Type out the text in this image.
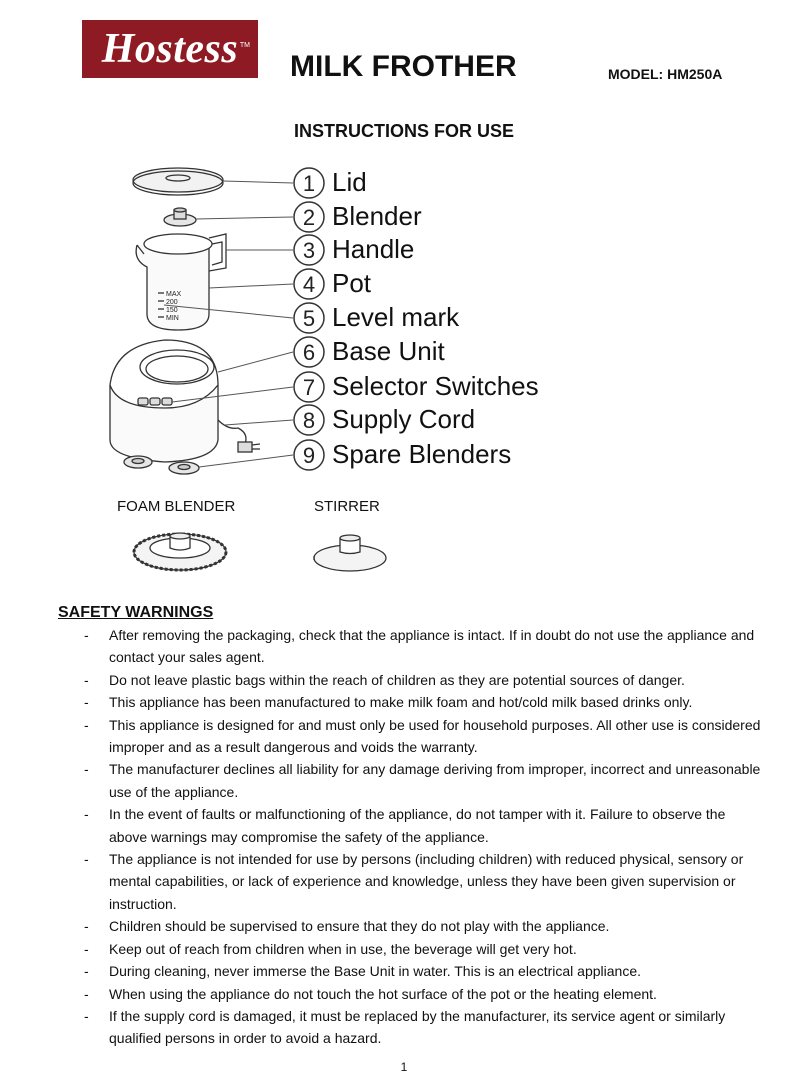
Hostess TM
MILK FROTHER	MODEL: HM250A
INSTRUCTIONS FOR USE
MAX
200
150
MIN
1
2
3
4
5
6
7
8
9
Lid
Blender
Handle
Pot
Level mark
Base Unit
Selector Switches
Supply Cord
Spare Blenders
FOAM BLENDER	STIRRER
SAFETY WARNINGS
- After removing the packaging, check that the appliance is intact. If in doubt do not use the appliance and contact your sales agent.
- Do not leave plastic bags within the reach of children as they are potential sources of danger.
- This appliance has been manufactured to make milk foam and hot/cold milk based drinks only.
- This appliance is designed for and must only be used for household purposes. All other use is considered improper and as a result dangerous and voids the warranty.
- The manufacturer declines all liability for any damage deriving from improper, incorrect and unreasonable use of the appliance.
- In the event of faults or malfunctioning of the appliance, do not tamper with it. Failure to observe the above warnings may compromise the safety of the appliance.
- The appliance is not intended for use by persons (including children) with reduced physical, sensory or mental capabilities, or lack of experience and knowledge, unless they have been given supervision or instruction.
- Children should be supervised to ensure that they do not play with the appliance.
- Keep out of reach from children when in use, the beverage will get very hot.
- During cleaning, never immerse the Base Unit in water. This is an electrical appliance.
- When using the appliance do not touch the hot surface of the pot or the heating element.
- If the supply cord is damaged, it must be replaced by the manufacturer, its service agent or similarly qualified persons in order to avoid a hazard.
1
